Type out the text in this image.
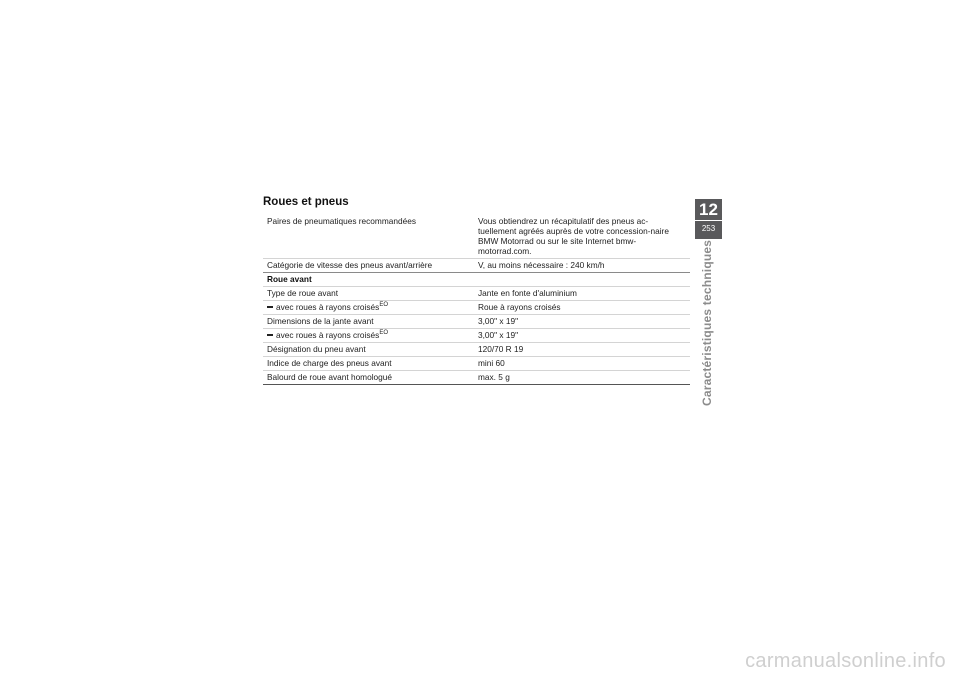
Roues et pneus
Paires de pneumatiques recommandées	Vous obtiendrez un récapitulatif des pneus ac-tuellement agréés auprès de votre concession-naire BMW Motorrad ou sur le site Internet bmw-motorrad.com.
Catégorie de vitesse des pneus avant/arrière	V, au moins nécessaire : 240 km/h
Roue avant	
Type de roue avant	Jante en fonte d'aluminium
avec roues à rayons croisés$^{EO}$	Roue à rayons croisés
Dimensions de la jante avant	3,00" x 19"
avec roues à rayons croisés$^{EO}$	3,00" x 19"
Désignation du pneu avant	120/70 R 19
Indice de charge des pneus avant	mini 60
Balourd de roue avant homologué	max. 5 g
12
253
Caractéristiques techniques
carmanualsonline.info
